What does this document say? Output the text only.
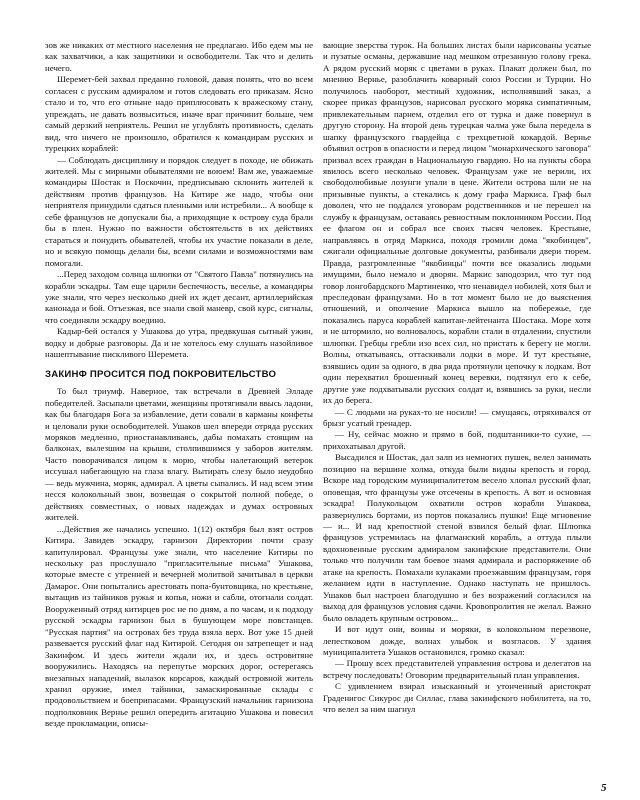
зов же никаких от местного населения не предлагаю. Ибо едем мы не как захватчики, а как защитники и освободители. Так что и делить нечего.

Шеремет-бей захвал преданно головой, давая понять, что во всем согласен с русским адмиралом и готов следовать его приказам. Ясно стало и то, что его отныне надо приплюсовать к вражескому стану, упреждать, не давать возвыситься, иначе враг причинит больше, чем самый дерзкий неприятель. Решил не углублять противность, сделать вид, что ничего не произошло, обратился к командирам русских и турецких кораблей:

— Соблюдать дисциплину и порядок следует в походе, не обижать жителей. Мы с мирными обывателями не воюем! Вам же, уважаемые командиры Шостак и Поскочин, предписываю склонить жителей к действиям против французов. На Китире же надо, чтобы они неприятеля принудили сдаться пленными или истребили... А вообще к себе французов не допускали бы, а приходящие к острову суда брали бы в плен. Нужно по важности обстоятельств в их действиях стараться и понудить обывателей, чтобы их участие показали в деле, но и всякую помощь делали бы, всеми силами и возможностями вам помогали.

...Перед заходом солнца шлюпки от "Святого Павла" потянулись на корабли эскадры. Там еще царили беспечность, веселье, а командиры уже знали, что через несколько дней их ждет десант, артиллерийская канонада и бой. Отъезжая, все знали свой маневр, свой курс, сигналы, что соединяли эскадру воедино.

Кадыр-бей остался у Ушакова до утра, предвкушая сытный ужин, водку и добрые разговоры. Да и не хотелось ему слушать назойливое нашептывание пискливого Шеремета.

ЗАКИНФ ПРОСИТСЯ ПОД ПОКРОВИТЕЛЬСТВО

То был триумф. Наверное, так встречали в Древней Элладе победителей. Засыпали цветами, женщины протягивали ввысь ладони, как бы благодаря Бога за избавление, дети совали в карманы конфеты и целовали руки освободителей. Ушаков шел впереди отряда русских моряков медленно, приостанавливаясь, дабы помахать стоящим на балконах, вылезшим на крыши, столпившимся у заборов жителям. Часто поворачивался лицом к морю, чтобы налетающий ветерок иссушал набегающую на глаза влагу. Вытирать слезу было неудобно — ведь мужчина, моряк, адмирал. А цветы сыпались. И над всем этим несся колокольный звон, возвещая о сокрытой полной победе, о действиях совместных, о новых надеждах и думах островных жителей.

...Действия же начались успешно. 1(12) октября был взят остров Китира. Завидев эскадру, гарнизон Директории почти сразу капитулировал. Французы уже знали, что население Китиры по нескольку раз прослушало "пригласительные письма" Ушакова, которые вместе с утренней и вечерней молитвой зачитывал в церкви Дамарос. Они попытались арестовать попа-бунтовщика, но крестьяне, вытащив из тайников ружья и копья, ножи и сабли, отогнали солдат. Вооруженный отряд китирцев рос не по дням, а по часам, и к подходу русской эскадры гарнизон был в бушующем море повстанцев. "Русская партия" на островах без труда взяла верх. Вот уже 15 дней развевается русский флаг над Китирой. Сегодня он затрепещет и над Закинфом. И здесь жители ждали их, и здесь островитяне вооружились. Находясь на перепутье морских дорог, остерегаясь внезапных нападений, вылазок корсаров, каждый островной житель хранил оружие, имел тайники, замаскированные склады с продовольствием и боеприпасами. Французский начальник гарнизона подполковник Верньe решил опередить агитацию Ушакова и повесил везде прокламации, описы-

вающие зверства турок. На больших листах были нарисованы усатые и пузатые османы, державшие над мешком отрезанную голову грека. А рядом русский моряк с цветами в руках. Плакат должен был, по мнению Верньe, разоблачить коварный союз России и Турции. Но получилось наоборот, местный художник, исполнявший заказ, а скорее приказ французов, нарисовал русского моряка симпатичным, привлекательным парнем, отделил его от турка и даже повернул в другую сторону. На второй день турецкая чалма уже была передела в шапку французского гвардейца с трехцветной кокардой. Верньe объявил остров в опасности и перед лицом "монархического заговора" призвал всех граждан в Национальную гвардию. Но на пункты сбора явилось всего несколько человек. Французам уже не верили, их свободолюбивые лозунги упали в цене. Жители острова шли не на призывные пункты, а стекались к дому графа Маркиса. Граф был доволен, что не поддался уговорам родственников и не перешел на службу к французам, оставаясь ревностным поклонником России. Под ее флагом он и собрал все своих тысяч человек. Крестьяне, направляясь в отряд Маркиса, походя громили дома "якобинцев", сжигали официальные долговые документы, разбивали двери тюрем. Правда, разгромленные "якобинцы" почти все оказались людьми имущими, было немало и дворян. Маркис заподозрил, что тут под говор лонгобардского Мартиненко, что ненавидел нобилей, хотя был и преследован французами. Но в тот момент было не до выяснения отношений, и ополчение Маркиса вышло на побережье, где показались паруса кораблей капитан-лейтенанта Шостака. Море хотя и не штормило, но волновалось, корабли стали в отдалении, спустили шлюпки. Гребцы гребли изо всех сил, но пристать к берегу не могли. Волны, откатываясь, оттаскивали лодки в море. И тут крестьяне, взявшись один за одного, в два ряда протянули цепочку к лодкам. Вот один перехватил брошенный конец веревки, подтянул его к себе, другие уже подхватывали русских солдат и, взявшись за руки, несли их до берега.

— С людьми на руках-то не носили! — смущаясь, отряхивался от брызг усатый гренадер.

— Ну, сейчас можно и прямо в бой, подштанники-то сухие, — прихохатывал другой.

Высадился и Шостак, дал залп из немногих пушек, велел занимать позицию на вершине холма, откуда были видны крепость и город. Вскоре над городским муниципалитетом весело хлопал русский флаг, оповещая, что французы уже отсечены в крепость. А вот и основная эскадра! Полукольцом охватили остров корабли Ушакова, развернулись бортами, из портов показались пушки! Еще мгновение — и... И над крепостной стеной взвился белый флаг. Шлюпка французов устремилась на флагманский корабль, а оттуда плыли вдохновенные русским адмиралом закинфские представители. Они только что получили там боевое знамя адмирала и распоряжение об атаке на крепость. Помахали кулаками проезжавшим французам, горя желанием идти в наступление. Однако наступать не пришлось. Ушаков был настроен благодушно и без возражений согласился на выход для французов условия сдачи. Кровопролития не желал. Важно было овладеть крупным островом...

И вот идут они, воины и моряки, в колокольном перезвоне, лепестковом дожде, волнах улыбок и возгласов. У здания муниципалитета Ушаков остановился, громко сказал:

— Прошу всех представителей управления острова и делегатов на встречу последовать! Оговорим предварительный план управления.

С удивлением взирал изысканный и утонченный аристократ Граденигос Сикурос ди Силлас, глава закинфского нобилитета, на то, что велел за ним шагнул

5
